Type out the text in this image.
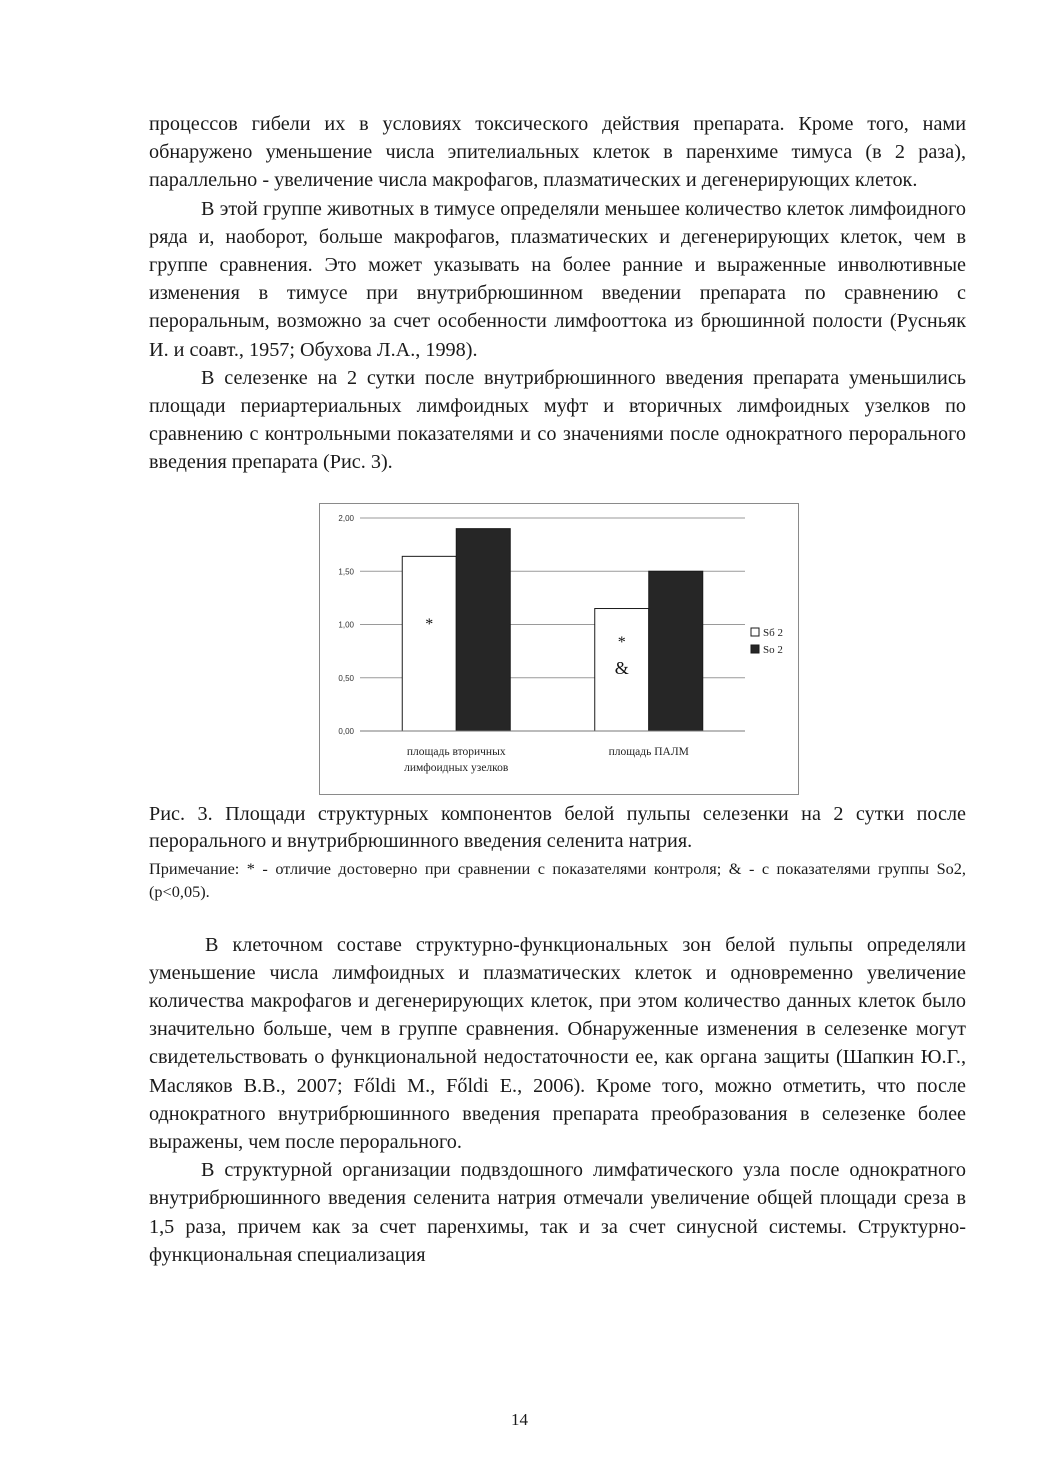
процессов гибели их в условиях токсического действия препарата. Кроме того, нами обнаружено уменьшение числа эпителиальных клеток в паренхиме тимуса (в 2 раза), параллельно - увеличение числа макрофагов, плазматических и дегенерирующих клеток.

В этой группе животных в тимусе определяли меньшее количество клеток лимфоидного ряда и, наоборот, больше макрофагов, плазматических и дегенерирующих клеток, чем в группе сравнения. Это может указывать на более ранние и выраженные инволютивные изменения в тимусе при внутрибрюшинном введении препарата по сравнению с пероральным, возможно за счет особенности лимфооттока из брюшинной полости (Русньяк И. и соавт., 1957; Обухова Л.А., 1998).

В селезенке на 2 сутки после внутрибрюшинного введения препарата уменьшились площади периартериальных лимфоидных муфт и вторичных лимфоидных узелков по сравнению с контрольными показателями и со значениями после однократного перорального введения препарата (Рис. 3).

0,00
0,50
1,00
1,50
2,00
*
площадь вторичных
лимфоидных узелков
*
&
площадь ПАЛМ
Sб 2
So 2

Рис. 3. Площади структурных компонентов белой пульпы селезенки на 2 сутки после перорального и внутрибрюшинного введения селенита натрия.

Примечание: * - отличие достоверно при сравнении с показателями контроля; & - с показателями группы So2, (p<0,05).

В клеточном составе структурно-функциональных зон белой пульпы определяли уменьшение числа лимфоидных и плазматических клеток и одновременно увеличение количества макрофагов и дегенерирующих клеток, при этом количество данных клеток было значительно больше, чем в группе сравнения. Обнаруженные изменения в селезенке могут свидетельствовать о функциональной недостаточности ее, как органа защиты (Шапкин Ю.Г., Масляков В.В., 2007; Főldi M., Főldi E., 2006). Кроме того, можно отметить, что после однократного внутрибрюшинного введения препарата преобразования в селезенке более выражены, чем после перорального.

В структурной организации подвздошного лимфатического узла после однократного внутрибрюшинного введения селенита натрия отмечали увеличение общей площади среза в 1,5 раза, причем как за счет паренхимы, так и за счет синусной системы. Структурно-функциональная специализация

14
